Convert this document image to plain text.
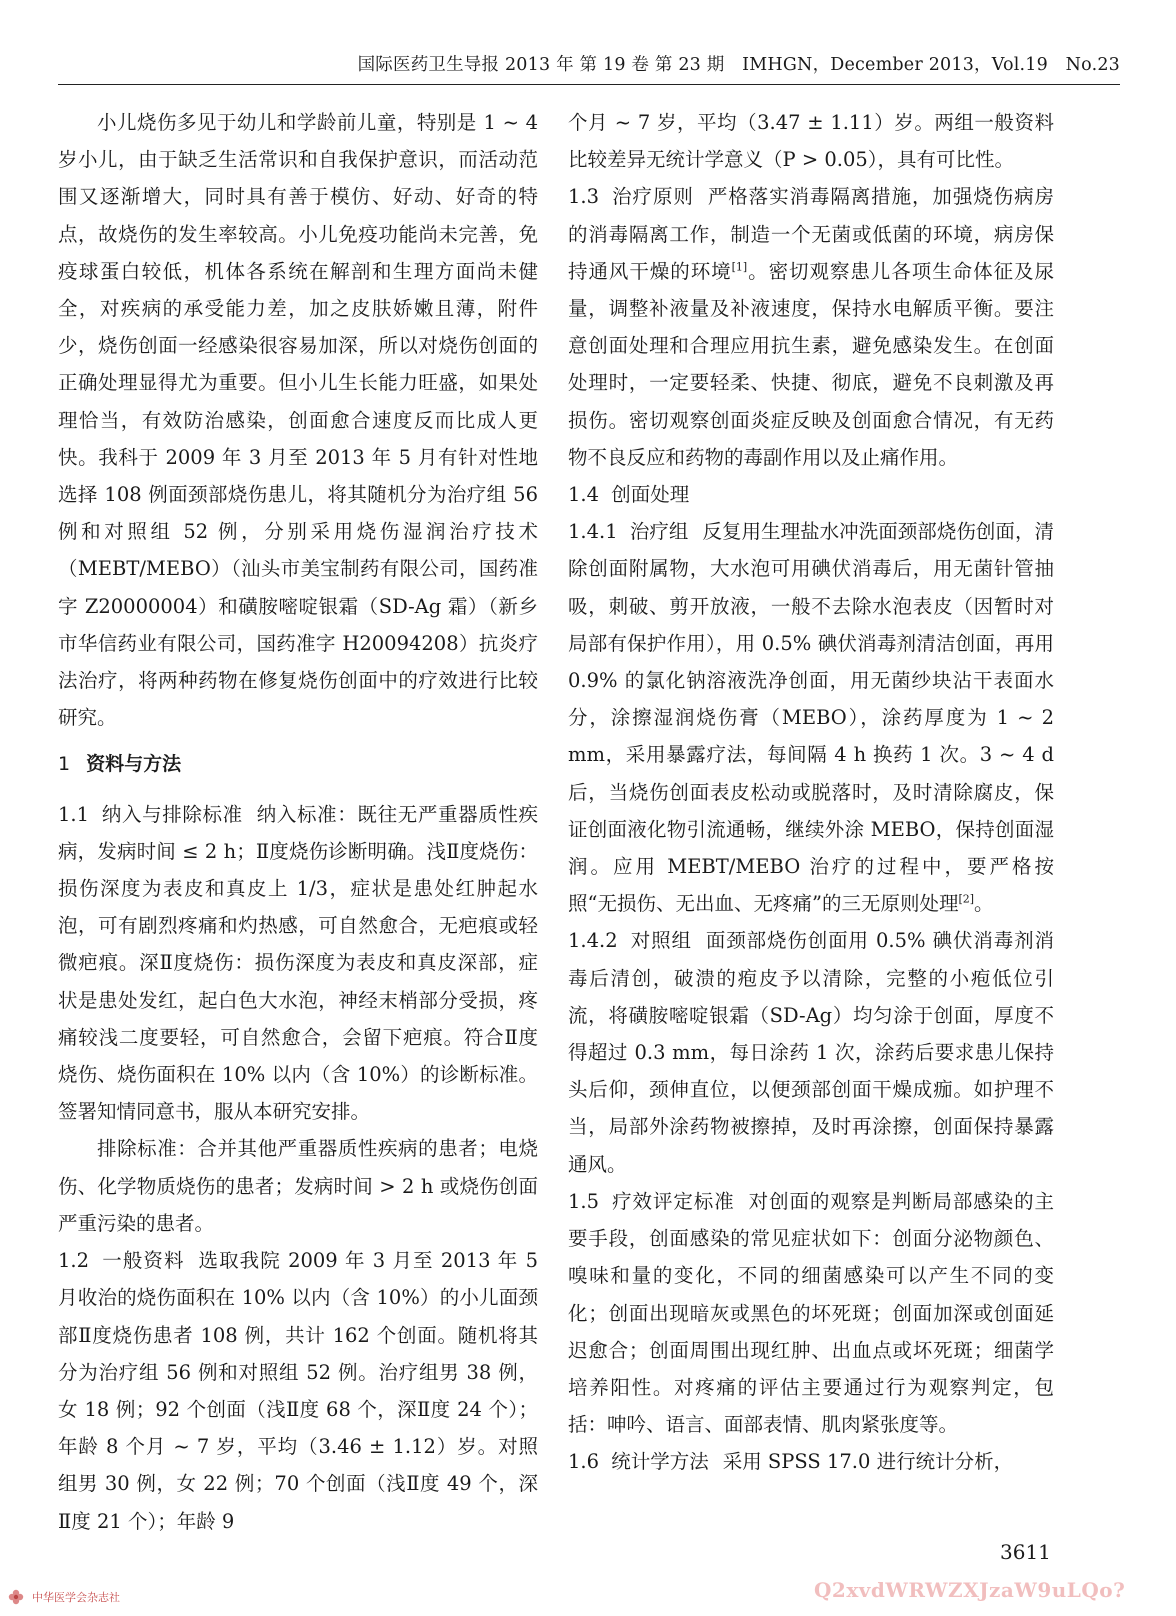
国际医药卫生导报 2013 年 第 19 卷 第 23 期　IMHGN，December 2013，Vol.19　No.23

小儿烧伤多见于幼儿和学龄前儿童，特别是 1 ~ 4 岁小儿，由于缺乏生活常识和自我保护意识，而活动范围又逐渐增大，同时具有善于模仿、好动、好奇的特点，故烧伤的发生率较高。小儿免疫功能尚未完善，免疫球蛋白较低，机体各系统在解剖和生理方面尚未健全，对疾病的承受能力差，加之皮肤娇嫩且薄，附件少，烧伤创面一经感染很容易加深，所以对烧伤创面的正确处理显得尤为重要。但小儿生长能力旺盛，如果处理恰当，有效防治感染，创面愈合速度反而比成人更快。我科于 2009 年 3 月至 2013 年 5 月有针对性地选择 108 例面颈部烧伤患儿，将其随机分为治疗组 56 例和对照组 52 例，分别采用烧伤湿润治疗技术（MEBT/MEBO）（汕头市美宝制药有限公司，国药准字 Z20000004）和磺胺嘧啶银霜（SD-Ag 霜）（新乡市华信药业有限公司，国药准字 H20094208）抗炎疗法治疗，将两种药物在修复烧伤创面中的疗效进行比较研究。

1 资料与方法

1.1 纳入与排除标准 纳入标准：既往无严重器质性疾病，发病时间 ≤ 2 h；Ⅱ度烧伤诊断明确。浅Ⅱ度烧伤：损伤深度为表皮和真皮上 1/3，症状是患处红肿起水泡，可有剧烈疼痛和灼热感，可自然愈合，无疤痕或轻微疤痕。深Ⅱ度烧伤：损伤深度为表皮和真皮深部，症状是患处发红，起白色大水泡，神经末梢部分受损，疼痛较浅二度要轻，可自然愈合，会留下疤痕。符合Ⅱ度烧伤、烧伤面积在 10% 以内（含 10%）的诊断标准。签署知情同意书，服从本研究安排。

排除标准：合并其他严重器质性疾病的患者；电烧伤、化学物质烧伤的患者；发病时间 > 2 h 或烧伤创面严重污染的患者。

1.2 一般资料 选取我院 2009 年 3 月至 2013 年 5 月收治的烧伤面积在 10% 以内（含 10%）的小儿面颈部Ⅱ度烧伤患者 108 例，共计 162 个创面。随机将其分为治疗组 56 例和对照组 52 例。治疗组男 38 例，女 18 例；92 个创面（浅Ⅱ度 68 个，深Ⅱ度 24 个）；年龄 8 个月 ~ 7 岁，平均（3.46 ± 1.12）岁。对照组男 30 例，女 22 例；70 个创面（浅Ⅱ度 49 个，深Ⅱ度 21 个）；年龄 9

个月 ~ 7 岁，平均（3.47 ± 1.11）岁。两组一般资料比较差异无统计学意义（P > 0.05），具有可比性。

1.3 治疗原则 严格落实消毒隔离措施，加强烧伤病房的消毒隔离工作，制造一个无菌或低菌的环境，病房保持通风干燥的环境[1]。密切观察患儿各项生命体征及尿量，调整补液量及补液速度，保持水电解质平衡。要注意创面处理和合理应用抗生素，避免感染发生。在创面处理时，一定要轻柔、快捷、彻底，避免不良刺激及再损伤。密切观察创面炎症反映及创面愈合情况，有无药物不良反应和药物的毒副作用以及止痛作用。

1.4 创面处理

1.4.1 治疗组 反复用生理盐水冲洗面颈部烧伤创面，清除创面附属物，大水泡可用碘伏消毒后，用无菌针管抽吸，刺破、剪开放液，一般不去除水泡表皮（因暂时对局部有保护作用），用 0.5% 碘伏消毒剂清洁创面，再用 0.9% 的氯化钠溶液洗净创面，用无菌纱块沾干表面水分，涂擦湿润烧伤膏（MEBO），涂药厚度为 1 ~ 2 mm，采用暴露疗法，每间隔 4 h 换药 1 次。3 ~ 4 d 后，当烧伤创面表皮松动或脱落时，及时清除腐皮，保证创面液化物引流通畅，继续外涂 MEBO，保持创面湿润。应用 MEBT/MEBO 治疗的过程中，要严格按照“无损伤、无出血、无疼痛”的三无原则处理[2]。

1.4.2 对照组 面颈部烧伤创面用 0.5% 碘伏消毒剂消毒后清创，破溃的疱皮予以清除，完整的小疱低位引流，将磺胺嘧啶银霜（SD-Ag）均匀涂于创面，厚度不得超过 0.3 mm，每日涂药 1 次，涂药后要求患儿保持头后仰，颈伸直位，以便颈部创面干燥成痂。如护理不当，局部外涂药物被擦掉，及时再涂擦，创面保持暴露通风。

1.5 疗效评定标准 对创面的观察是判断局部感染的主要手段，创面感染的常见症状如下：创面分泌物颜色、嗅味和量的变化，不同的细菌感染可以产生不同的变化；创面出现暗灰或黑色的坏死斑；创面加深或创面延迟愈合；创面周围出现红肿、出血点或坏死斑；细菌学培养阳性。对疼痛的评估主要通过行为观察判定，包括：呻吟、语言、面部表情、肌肉紧张度等。

1.6 统计学方法 采用 SPSS 17.0 进行统计分析，

3611
中华医学会杂志社	Q2xvdWRWZXJzaW9uLQo?
